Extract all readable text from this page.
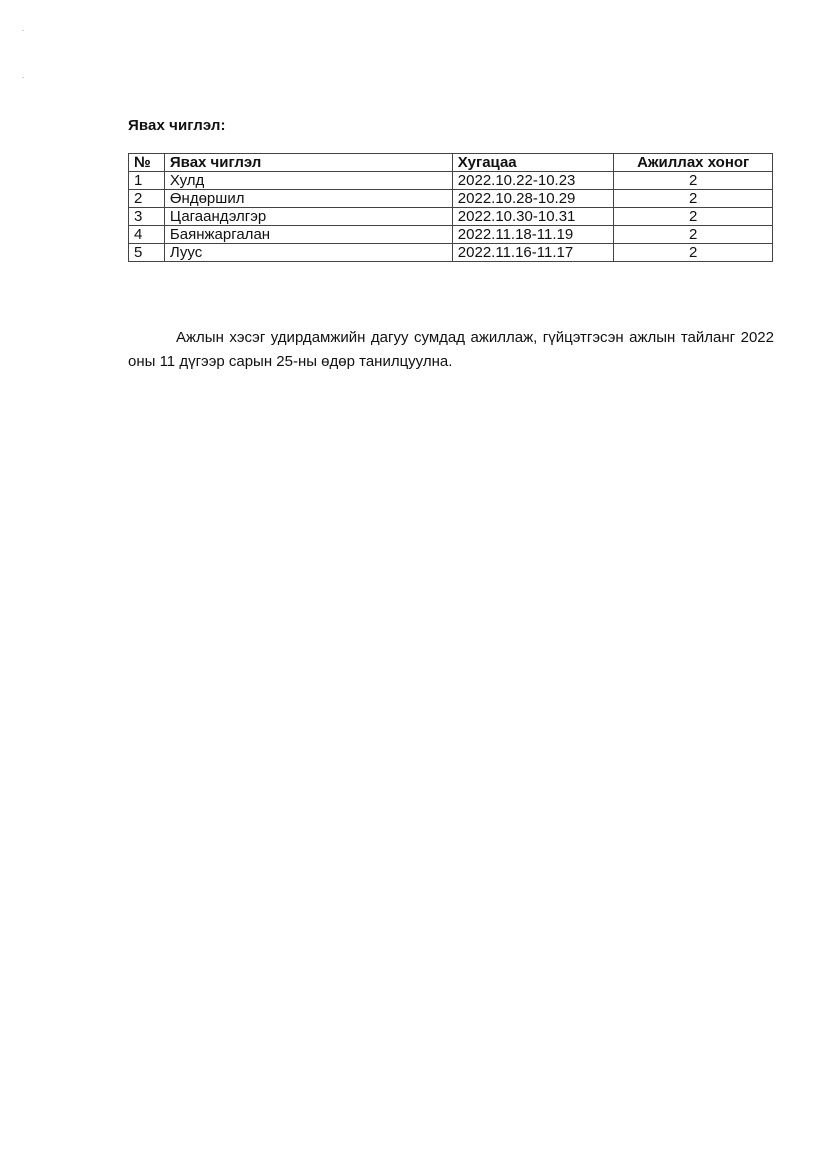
Явах чиглэл:
№	Явах чиглэл	Хугацаа	Ажиллах хоног
1	Хулд	2022.10.22-10.23	2
2	Өндөршил	2022.10.28-10.29	2
3	Цагаандэлгэр	2022.10.30-10.31	2
4	Баянжаргалан	2022.11.18-11.19	2
5	Луус	2022.11.16-11.17	2

Ажлын хэсэг удирдамжийн дагуу сумдад ажиллаж, гүйцэтгэсэн ажлын тайланг 2022 оны 11 дүгээр сарын 25-ны өдөр танилцуулна.
